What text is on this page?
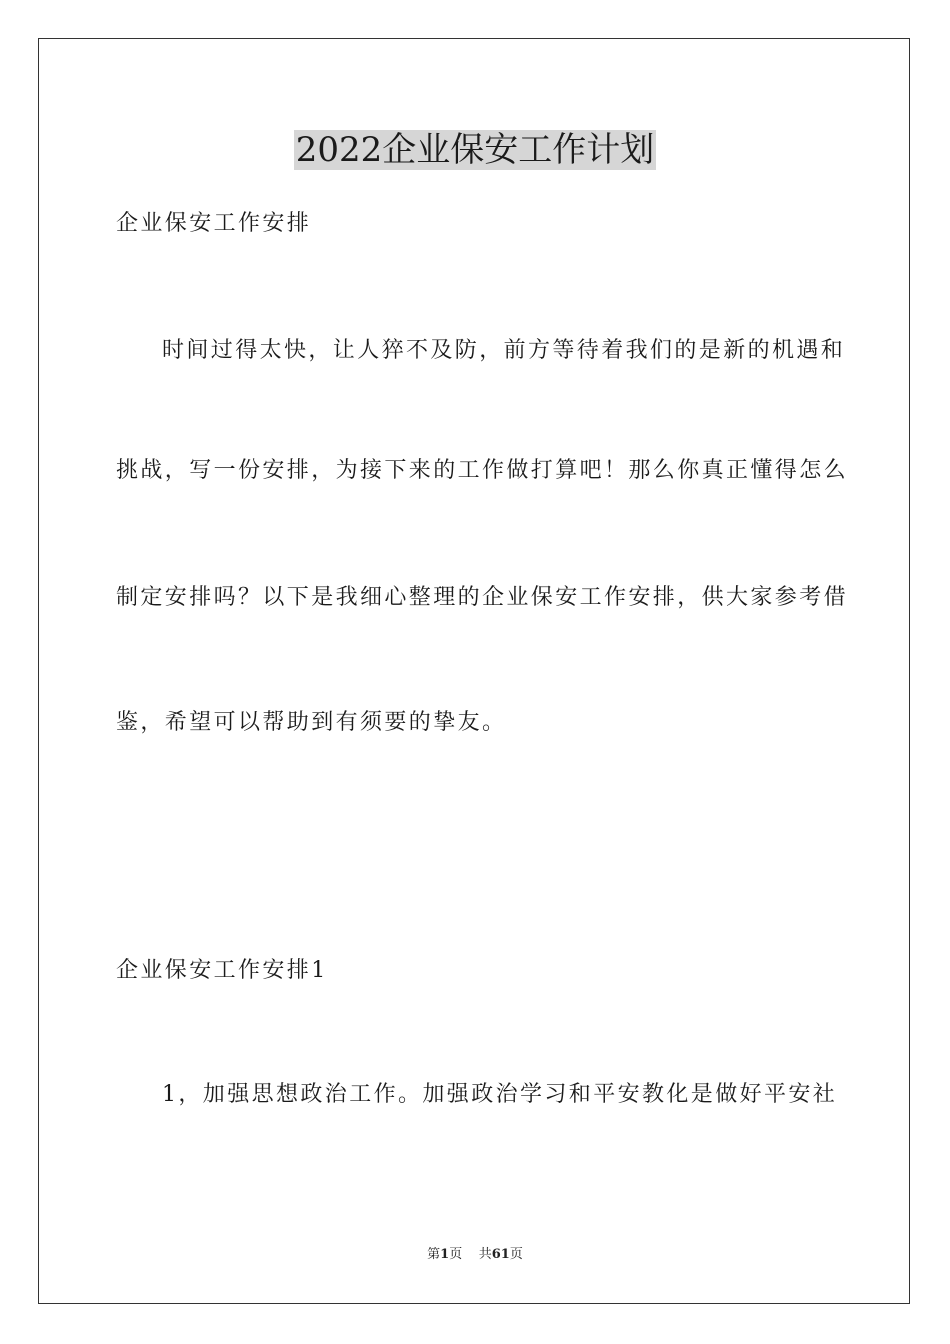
2022企业保安工作计划
企业保安工作安排
时间过得太快，让人猝不及防，前方等待着我们的是新的机遇和
挑战，写一份安排，为接下来的工作做打算吧！那么你真正懂得怎么
制定安排吗？以下是我细心整理的企业保安工作安排，供大家参考借
鉴，希望可以帮助到有须要的挚友。
企业保安工作安排1
1，加强思想政治工作。加强政治学习和平安教化是做好平安社
第1页 共61页
